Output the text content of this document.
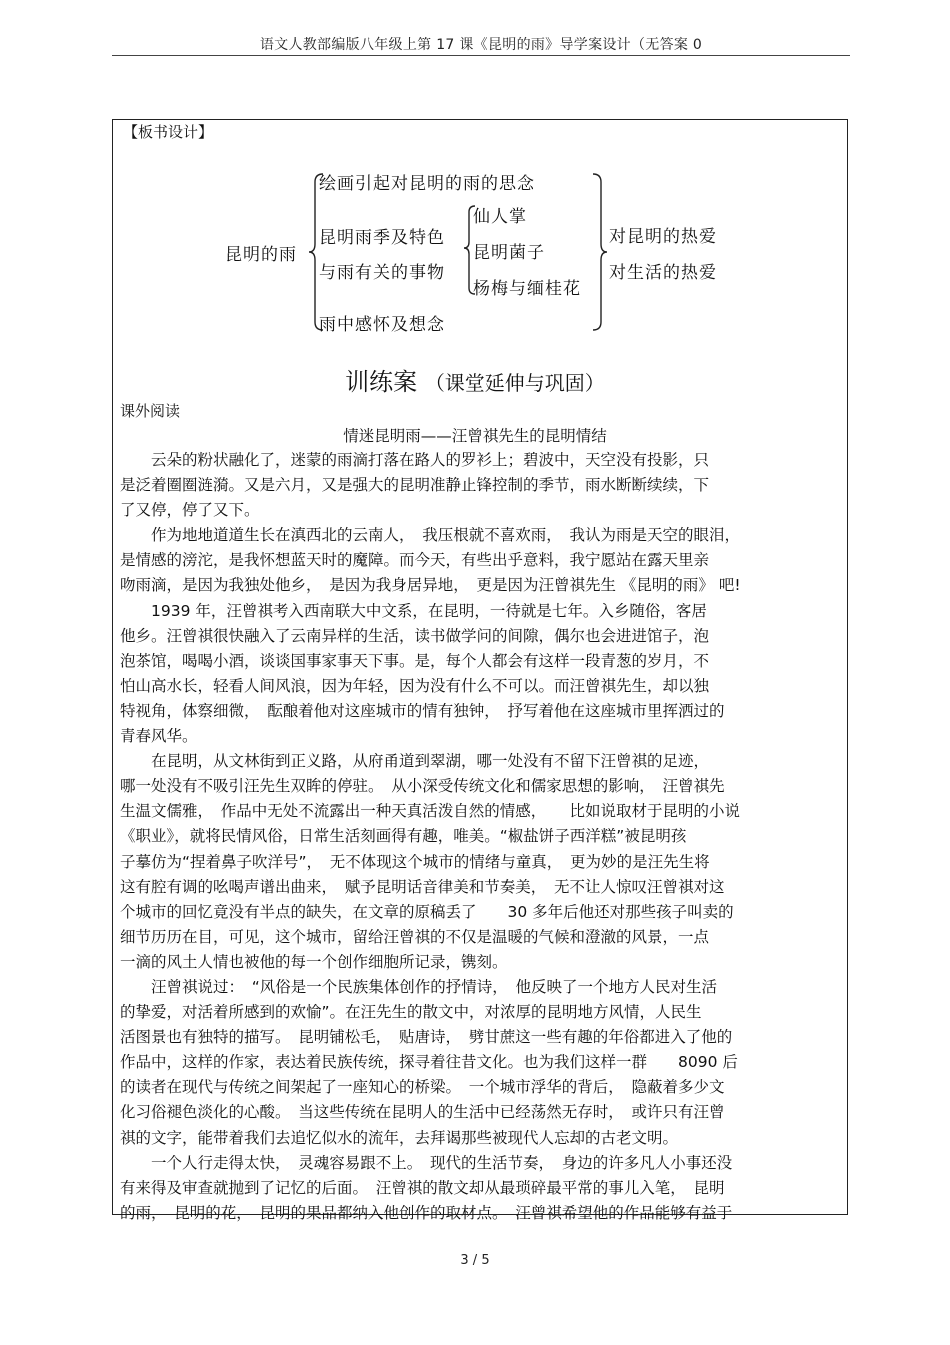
语文人教部编版八年级上第 17 课《昆明的雨》导学案设计（无答案 0
【板书设计】
昆明的雨
绘画引起对昆明的雨的思念
昆明雨季及特色
与雨有关的事物
仙人掌
昆明菌子
杨梅与缅桂花
雨中感怀及想念
对昆明的热爱
对生活的热爱
训练案 （课堂延伸与巩固）
课外阅读
情迷昆明雨——汪曾祺先生的昆明情结

　　云朵的粉状融化了，迷蒙的雨滴打落在路人的罗衫上；碧波中，天空没有投影，只

是泛着圈圈涟漪。又是六月，又是强大的昆明准静止锋控制的季节，雨水断断续续，下

了又停，停了又下。

　　作为地地道道生长在滇西北的云南人，　我压根就不喜欢雨，　我认为雨是天空的眼泪，

是情感的滂沱，是我怀想蓝天时的魔障。而今天，有些出乎意料，我宁愿站在露天里亲

吻雨滴，是因为我独处他乡，　是因为我身居异地，　更是因为汪曾祺先生 《昆明的雨》 吧!

　　1939 年，汪曾祺考入西南联大中文系，在昆明，一待就是七年。入乡随俗，客居

他乡。汪曾祺很快融入了云南异样的生活，读书做学问的间隙，偶尔也会进进馆子，泡

泡茶馆，喝喝小酒，谈谈国事家事天下事。是，每个人都会有这样一段青葱的岁月，不

怕山高水长，轻看人间风浪，因为年轻，因为没有什么不可以。而汪曾祺先生，却以独

特视角，体察细微，　酝酿着他对这座城市的情有独钟，　抒写着他在这座城市里挥洒过的

青春风华。

　　在昆明，从文林街到正义路，从府甬道到翠湖，哪一处没有不留下汪曾祺的足迹，

哪一处没有不吸引汪先生双眸的停驻。　从小深受传统文化和儒家思想的影响，　汪曾祺先

生温文儒雅，　作品中无处不流露出一种天真活泼自然的情感，　　比如说取材于昆明的小说

《职业》，就将民情风俗，日常生活刻画得有趣，唯美。“椒盐饼子西洋糕”被昆明孩

子摹仿为“捏着鼻子吹洋号”，　无不体现这个城市的情绪与童真，　更为妙的是汪先生将

这有腔有调的吆喝声谱出曲来，　赋予昆明话音律美和节奏美，　无不让人惊叹汪曾祺对这

个城市的回忆竟没有半点的缺失，在文章的原稿丢了　　30 多年后他还对那些孩子叫卖的

细节历历在目，可见，这个城市，留给汪曾祺的不仅是温暖的气候和澄澈的风景，一点

一滴的风土人情也被他的每一个创作细胞所记录，镌刻。

　　汪曾祺说过：　“风俗是一个民族集体创作的抒情诗，　他反映了一个地方人民对生活

的挚爱，对活着所感到的欢愉”。在汪先生的散文中，对浓厚的昆明地方风情，人民生

活图景也有独特的描写。　昆明铺松毛，　贴唐诗，　劈甘蔗这一些有趣的年俗都进入了他的

作品中，这样的作家，表达着民族传统，探寻着往昔文化。也为我们这样一群　　8090 后

的读者在现代与传统之间架起了一座知心的桥梁。　一个城市浮华的背后，　隐蔽着多少文

化习俗褪色淡化的心酸。　当这些传统在昆明人的生活中已经荡然无存时，　或许只有汪曾

祺的文字，能带着我们去追忆似水的流年，去拜谒那些被现代人忘却的古老文明。

　　一个人行走得太快，　灵魂容易跟不上。　现代的生活节奏，　身边的许多凡人小事还没

有来得及审查就抛到了记忆的后面。　汪曾祺的散文却从最琐碎最平常的事儿入笔，　昆明

的雨，　昆明的花，　昆明的果品都纳入他创作的取材点。　汪曾祺希望他的作品能够有益于

3 / 5
